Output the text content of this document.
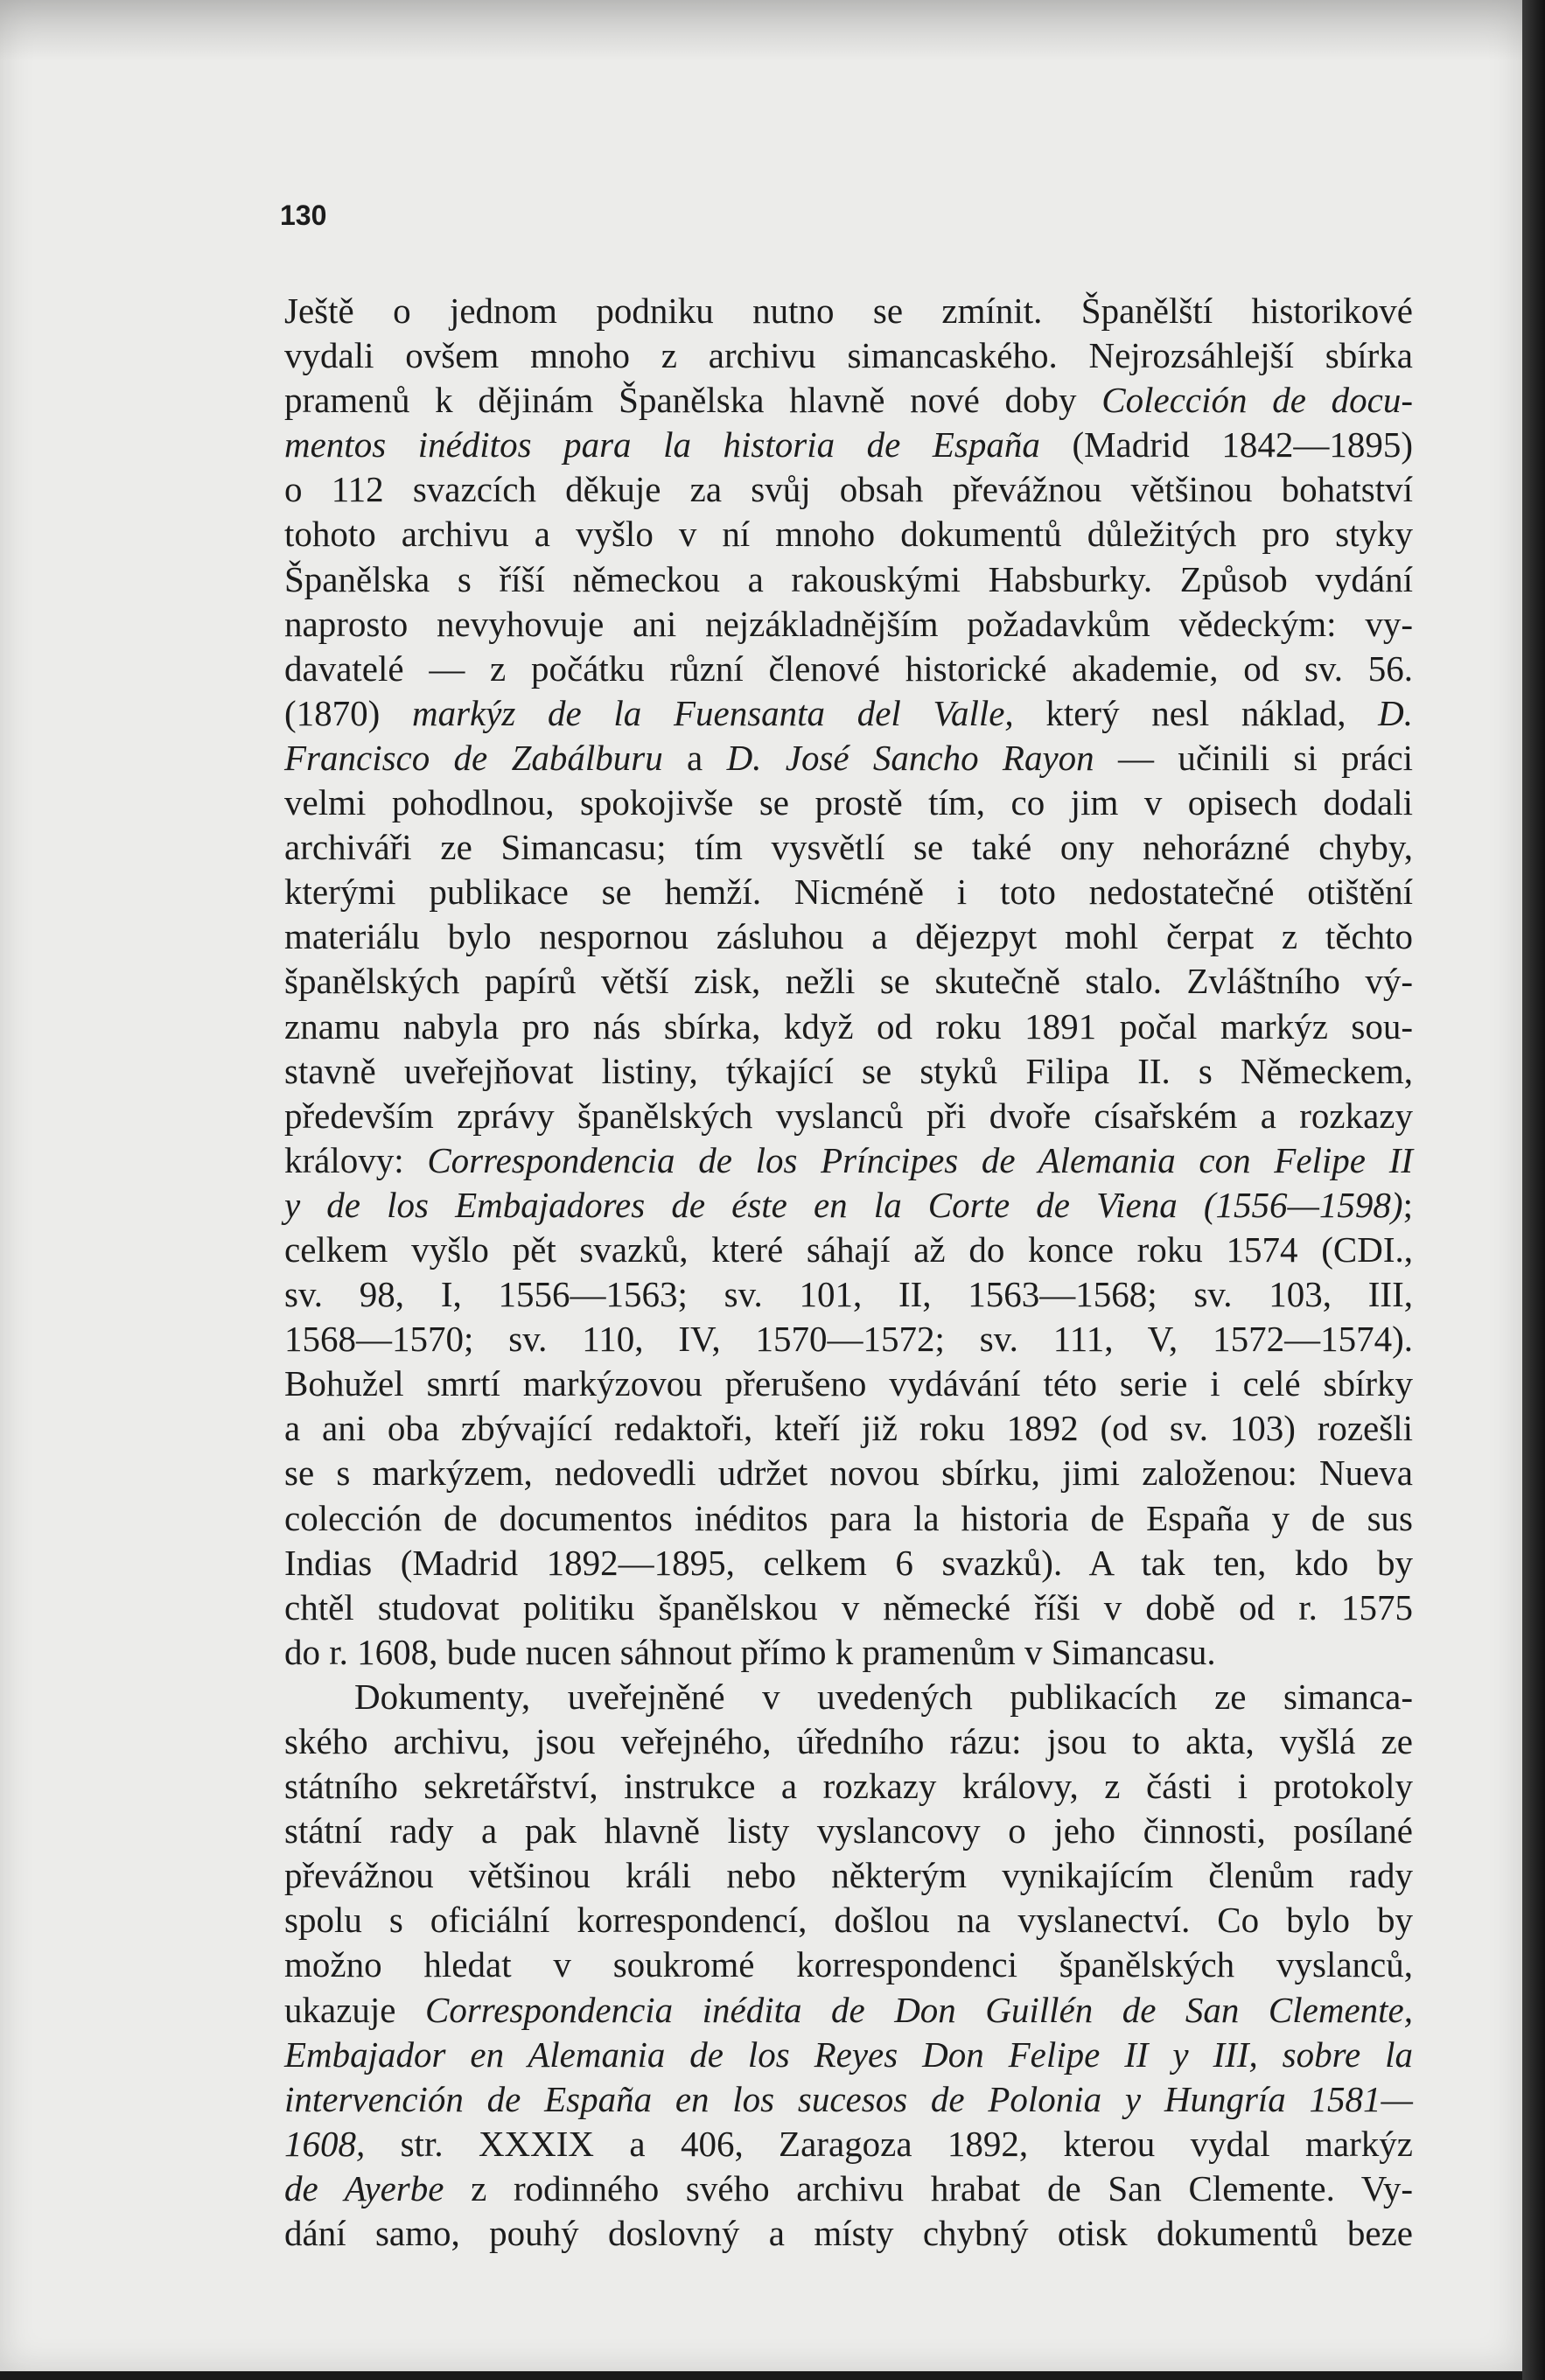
130
Ještě o jednom podniku nutno se zmínit. Španělští historikové
vydali ovšem mnoho z archivu simancaského. Nejrozsáhlejší sbírka
pramenů k dějinám Španělska hlavně nové doby Colección de docu-
mentos inéditos para la historia de España (Madrid 1842—1895)
o 112 svazcích děkuje za svůj obsah převážnou většinou bohatství
tohoto archivu a vyšlo v ní mnoho dokumentů důležitých pro styky
Španělska s říší německou a rakouskými Habsburky. Způsob vydání
naprosto nevyhovuje ani nejzákladnějším požadavkům vědeckým: vy-
davatelé — z počátku různí členové historické akademie, od sv. 56.
(1870) markýz de la Fuensanta del Valle, který nesl náklad, D.
Francisco de Zabálburu a D. José Sancho Rayon — učinili si práci
velmi pohodlnou, spokojivše se prostě tím, co jim v opisech dodali
archiváři ze Simancasu; tím vysvětlí se také ony nehorázné chyby,
kterými publikace se hemží. Nicméně i toto nedostatečné otištění
materiálu bylo nespornou zásluhou a dějezpyt mohl čerpat z těchto
španělských papírů větší zisk, nežli se skutečně stalo. Zvláštního vý-
znamu nabyla pro nás sbírka, když od roku 1891 počal markýz sou-
stavně uveřejňovat listiny, týkající se styků Filipa II. s Německem,
především zprávy španělských vyslanců při dvoře císařském a rozkazy
královy: Correspondencia de los Príncipes de Alemania con Felipe II
y de los Embajadores de éste en la Corte de Viena (1556—1598);
celkem vyšlo pět svazků, které sáhají až do konce roku 1574 (CDI.,
sv. 98, I, 1556—1563; sv. 101, II, 1563—1568; sv. 103, III,
1568—1570; sv. 110, IV, 1570—1572; sv. 111, V, 1572—1574).
Bohužel smrtí markýzovou přerušeno vydávání této serie i celé sbírky
a ani oba zbývající redaktoři, kteří již roku 1892 (od sv. 103) rozešli
se s markýzem, nedovedli udržet novou sbírku, jimi založenou: Nueva
colección de documentos inéditos para la historia de España y de sus
Indias (Madrid 1892—1895, celkem 6 svazků). A tak ten, kdo by
chtěl studovat politiku španělskou v německé říši v době od r. 1575
do r. 1608, bude nucen sáhnout přímo k pramenům v Simancasu.
Dokumenty, uveřejněné v uvedených publikacích ze simanca-
ského archivu, jsou veřejného, úředního rázu: jsou to akta, vyšlá ze
státního sekretářství, instrukce a rozkazy královy, z části i protokoly
státní rady a pak hlavně listy vyslancovy o jeho činnosti, posílané
převážnou většinou králi nebo některým vynikajícím členům rady
spolu s oficiální korrespondencí, došlou na vyslanectví. Co bylo by
možno hledat v soukromé korrespondenci španělských vyslanců,
ukazuje Correspondencia inédita de Don Guillén de San Clemente,
Embajador en Alemania de los Reyes Don Felipe II y III, sobre la
intervención de España en los sucesos de Polonia y Hungría 1581—
1608, str. XXXIX a 406, Zaragoza 1892, kterou vydal markýz
de Ayerbe z rodinného svého archivu hrabat de San Clemente. Vy-
dání samo, pouhý doslovný a místy chybný otisk dokumentů beze
